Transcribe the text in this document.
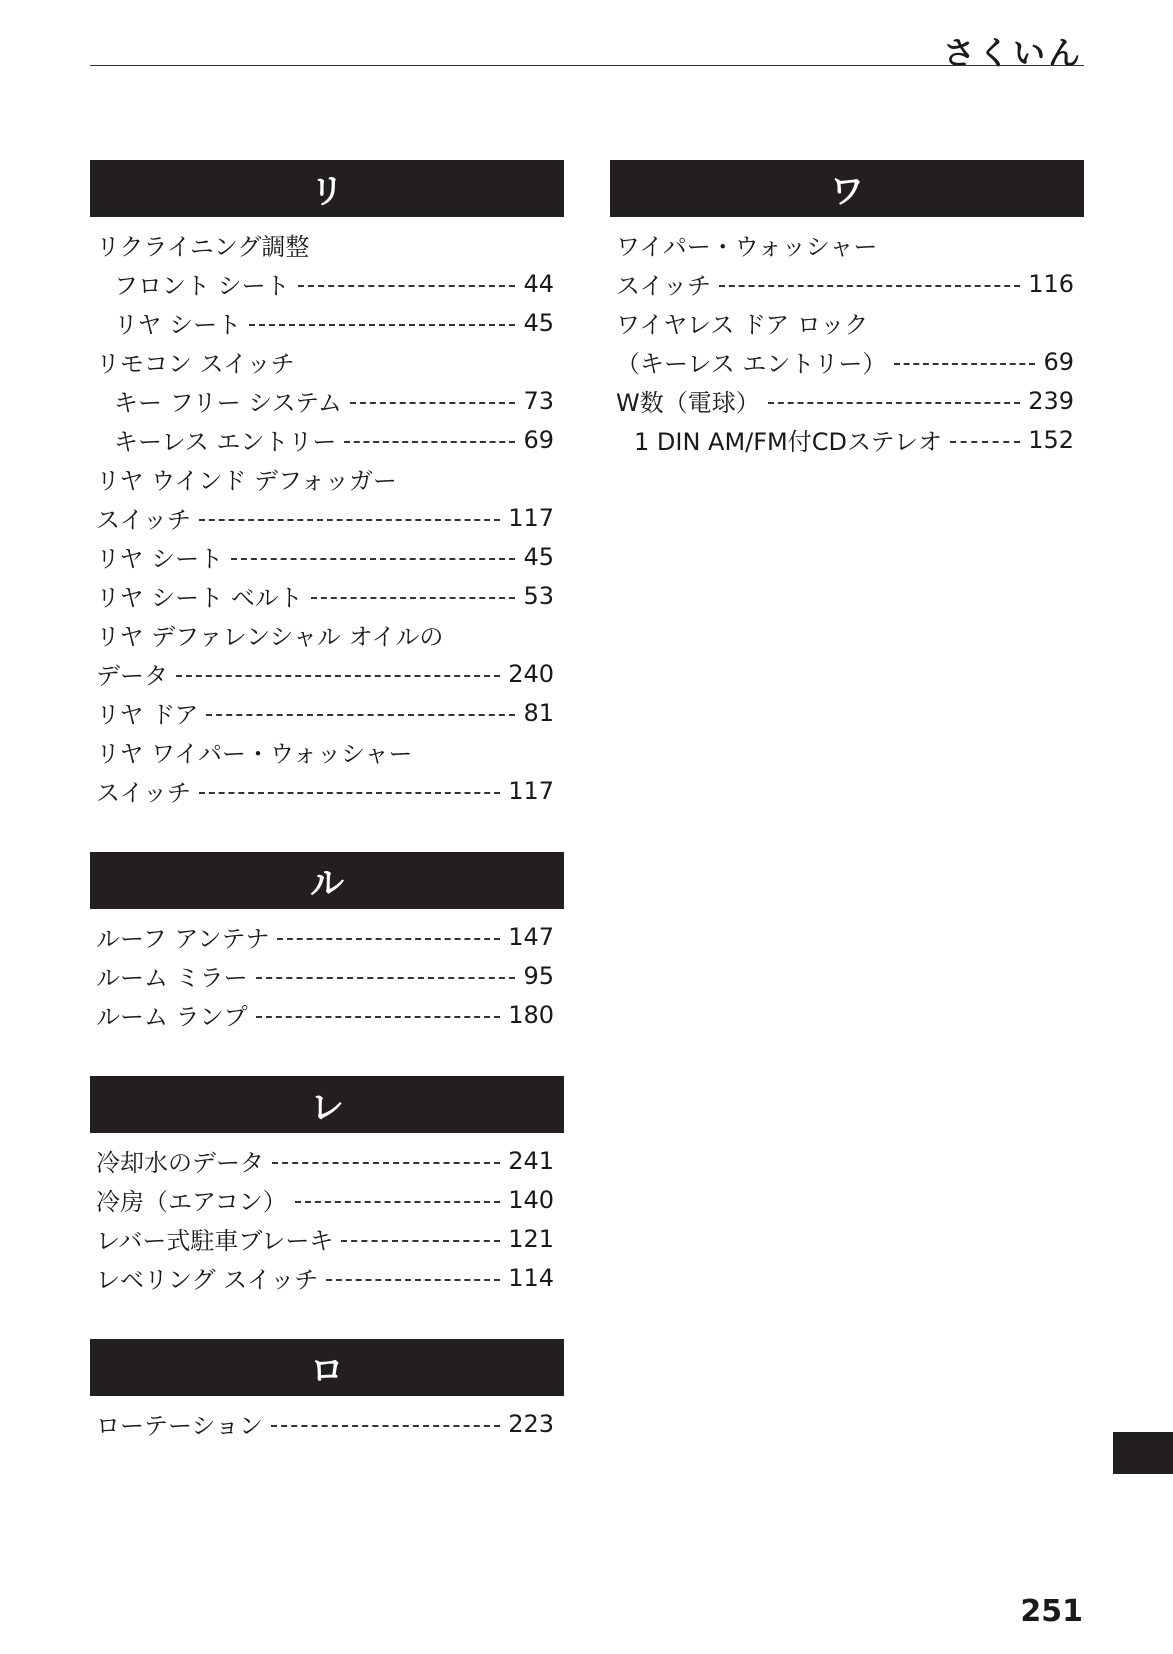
さくいん
リ
リクライニング調整
フロント シート	44
リヤ シート	45
リモコン スイッチ
キー フリー システム	73
キーレス エントリー	69
リヤ ウインド デフォッガー
スイッチ	117
リヤ シート	45
リヤ シート ベルト	53
リヤ デファレンシャル オイルの
データ	240
リヤ ドア	81
リヤ ワイパー・ウォッシャー
スイッチ	117
ル
ルーフ アンテナ	147
ルーム ミラー	95
ルーム ランプ	180
レ
冷却水のデータ	241
冷房（エアコン）	140
レバー式駐車ブレーキ	121
レベリング スイッチ	114
ロ
ローテーション	223
ワ
ワイパー・ウォッシャー
スイッチ	116
ワイヤレス ドア ロック
（キーレス エントリー）	69
W数（電球）	239
1 DIN AM/FM付CDステレオ	152
251
